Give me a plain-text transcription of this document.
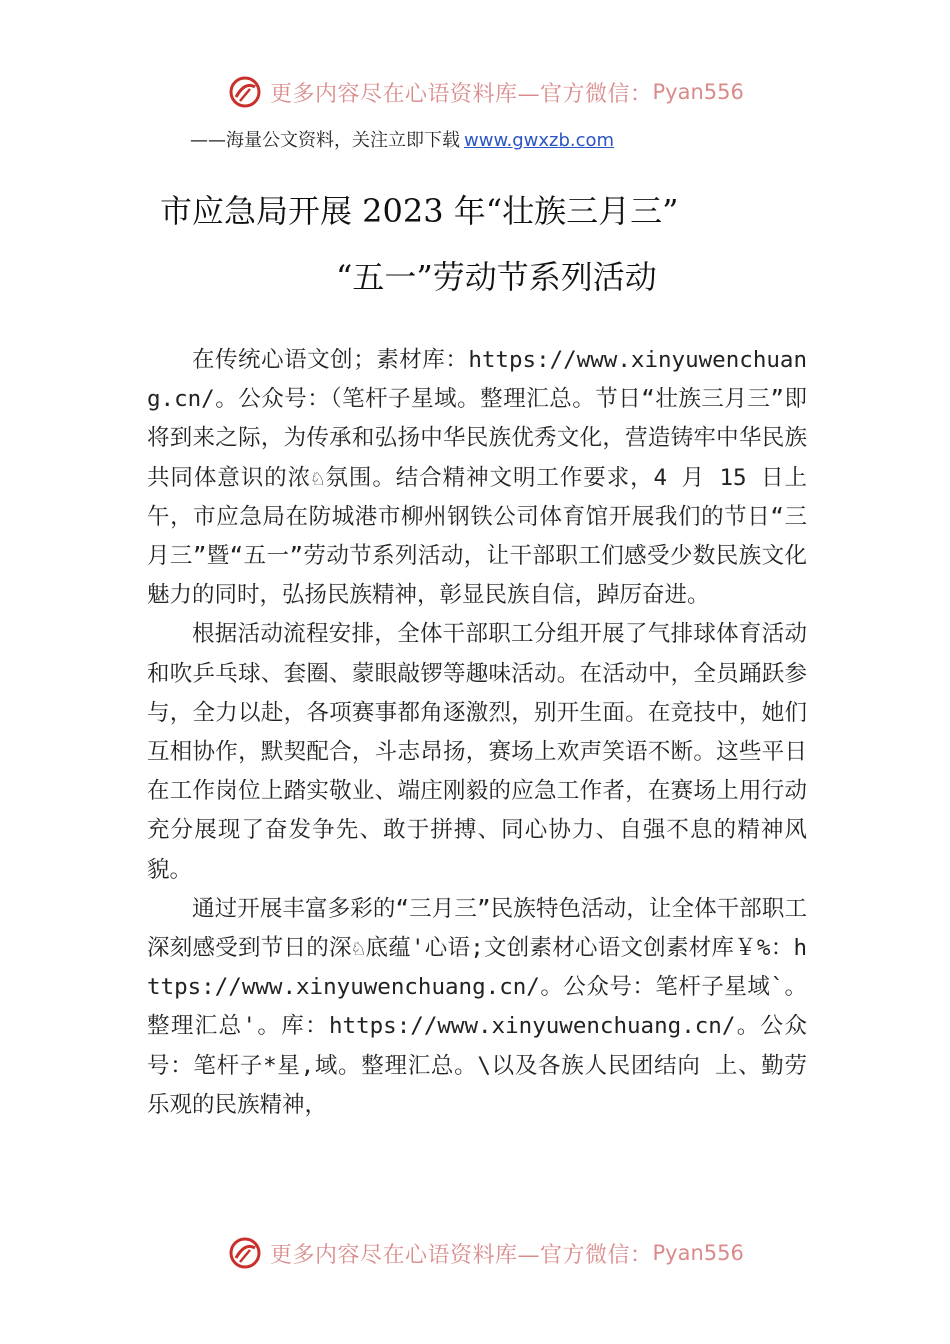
更多内容尽在心语资料库—官方微信： Pyan556
——海量公文资料，关注立即下载 www.gwxzb.com
市应急局开展 2023 年“壮族三月三”
“五一”劳动节系列活动

在传统心语文创；素材库：https://www.xinyuwenchuang.cn/。公众号：（笔杆子星域。整理汇总。节日“壮族三月三”即将到来之际，为传承和弘扬中华民族优秀文化，营造铸牢中华民族共同体意识的浓♘氛围。结合精神文明工作要求，4 月 15 日上午，市应急局在防城港市柳州钢铁公司体育馆开展我们的节日“三月三”暨“五一”劳动节系列活动，让干部职工们感受少数民族文化魅力的同时，弘扬民族精神，彰显民族自信，踔厉奋进。

根据活动流程安排，全体干部职工分组开展了气排球体育活动和吹乒乓球、套圈、蒙眼敲锣等趣味活动。在活动中，全员踊跃参与，全力以赴，各项赛事都角逐激烈，别开生面。在竞技中，她们互相协作，默契配合，斗志昂扬，赛场上欢声笑语不断。这些平日在工作岗位上踏实敬业、端庄刚毅的应急工作者，在赛场上用行动充分展现了奋发争先、敢于拼搏、同心协力、自强不息的精神风貌。

通过开展丰富多彩的“三月三”民族特色活动，让全体干部职工深刻感受到节日的深♘底蕴'心语;文创素材心语文创素材库￥%：https://www.xinyuwenchuang.cn/。公众号：笔杆子星域`。整理汇总'。库：https://www.xinyuwenchuang.cn/。公众号：笔杆子*星,域。整理汇总。\以及各族人民团结向 上、勤劳乐观的民族精神，

更多内容尽在心语资料库—官方微信： Pyan556
